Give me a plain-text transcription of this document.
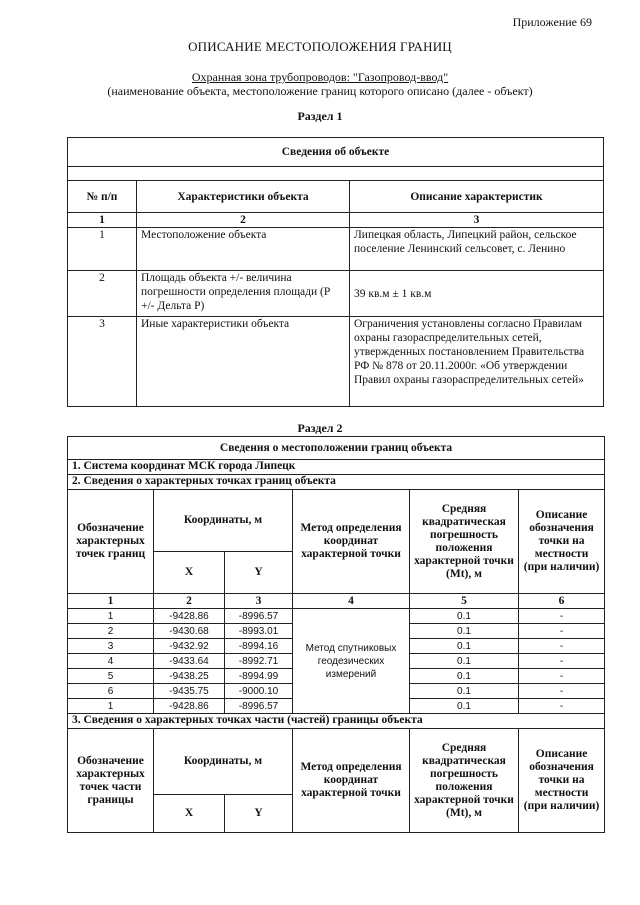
Приложение 69
ОПИСАНИЕ МЕСТОПОЛОЖЕНИЯ ГРАНИЦ
Охранная зона трубопроводов: "Газопровод-ввод"
(наименование объекта, местоположение границ которого описано (далее - объект)
Раздел 1
Сведения об объекте		

№ п/п	Характеристики объекта	Описание характеристик
1	2	3
1	Местоположение объекта	Липецкая область, Липецкий район, сельское поселение Ленинский сельсовет, с. Ленино
2	Площадь объекта +/- величина погрешности определения площади (P +/- Дельта P)	39 кв.м ± 1 кв.м
3	Иные характеристики объекта	Ограничения установлены согласно Правилам охраны газораспределительных сетей, утвержденных постановлением Правительства РФ № 878 от 20.11.2000г. «Об утверждении Правил охраны газораспределительных сетей»
Раздел 2
Сведения о местоположении границ объекта					
1. Система координат МСК города Липецк					
2. Сведения о характерных точках границ объекта					
Обозначение характерных точек границ	Координаты, м		Метод определения координат характерной точки	Средняя квадратическая погрешность положения характерной точки (Mt), м	Описание обозначения точки на местности (при наличии)
	X	Y			
1	2	3	4	5	6
1	-9428.86	-8996.57	Метод спутниковых геодезических измерений	0.1	-
2	-9430.68	-8993.01		0.1	-
3	-9432.92	-8994.16		0.1	-
4	-9433.64	-8992.71		0.1	-
5	-9438.25	-8994.99		0.1	-
6	-9435.75	-9000.10		0.1	-
1	-9428.86	-8996.57		0.1	-
3. Сведения о характерных точках части (частей) границы объекта					
Обозначение характерных точек части границы	Координаты, м		Метод определения координат характерной точки	Средняя квадратическая погрешность положения характерной точки (Mt), м	Описание обозначения точки на местности (при наличии)
	X	Y			
